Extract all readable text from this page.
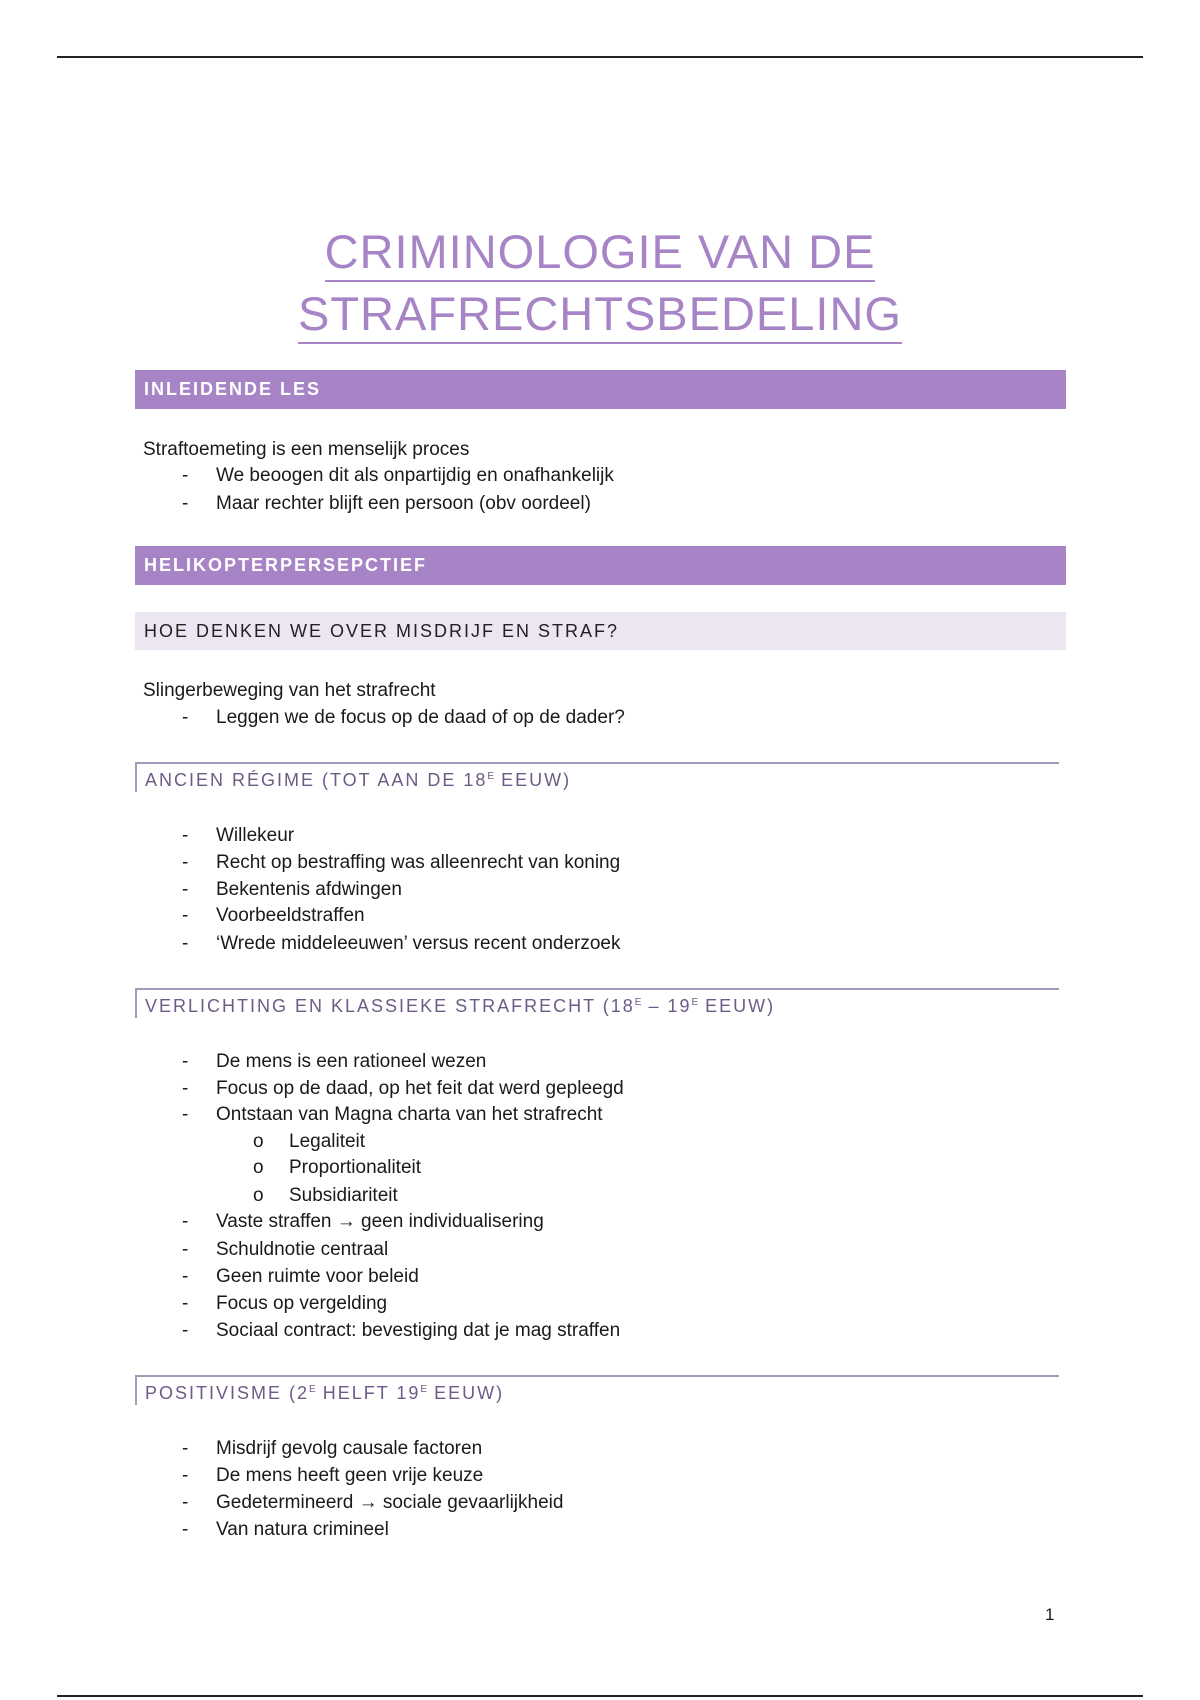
CRIMINOLOGIE VAN DE
STRAFRECHTSBEDELING
INLEIDENDE LES
Straftoemeting is een menselijk proces
- We beoogen dit als onpartijdig en onafhankelijk
- Maar rechter blijft een persoon (obv oordeel)
HELIKOPTERPERSEPCTIEF
HOE DENKEN WE OVER MISDRIJF EN STRAF?
Slingerbeweging van het strafrecht
- Leggen we de focus op de daad of op de dader?
ANCIEN RÉGIME (TOT AAN DE $18^E$ EEUW)
- Willekeur
- Recht op bestraffing was alleenrecht van koning
- Bekentenis afdwingen
- Voorbeeldstraffen
- ‘Wrede middeleeuwen’ versus recent onderzoek
VERLICHTING EN KLASSIEKE STRAFRECHT ($18^E - 19^E$ EEUW)
- De mens is een rationeel wezen
- Focus op de daad, op het feit dat werd gepleegd
- Ontstaan van Magna charta van het strafrecht
o Legaliteit
o Proportionaliteit
o Subsidiariteit
- Vaste straffen → geen individualisering
- Schuldnotie centraal
- Geen ruimte voor beleid
- Focus op vergelding
- Sociaal contract: bevestiging dat je mag straffen
POSITIVISME ($2^E$ HELFT $19^E$ EEUW)
- Misdrijf gevolg causale factoren
- De mens heeft geen vrije keuze
- Gedetermineerd → sociale gevaarlijkheid
- Van natura crimineel
1
